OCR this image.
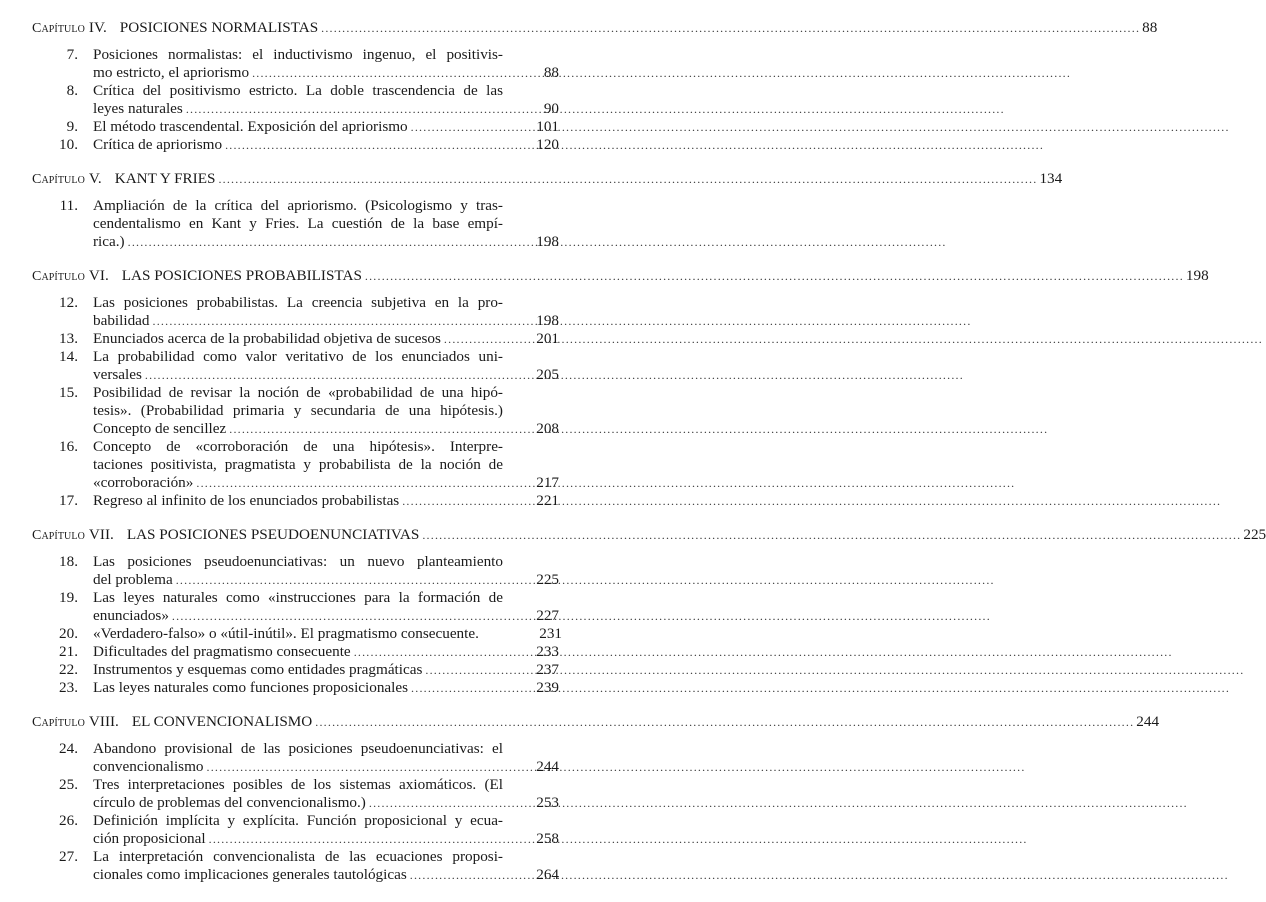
Capítulo IV. POSICIONES NORMALISTAS .....	88
7. Posiciones normalistas: el inductivismo ingenuo, el positivis-
mo estricto, el apriorismo .....	88
8. Crítica del positivismo estricto. La doble trascendencia de las
leyes naturales .....	90
9. El método trascendental. Exposición del apriorismo .....	101
10. Crítica de apriorismo .....	120
Capítulo V. KANT Y FRIES .....	134
11. Ampliación de la crítica del apriorismo. (Psicologismo y tras-
cendentalismo en Kant y Fries. La cuestión de la base empí-
rica.) .....	198
Capítulo VI. LAS POSICIONES PROBABILISTAS .....	198
12. Las posiciones probabilistas. La creencia subjetiva en la pro-
babilidad .....	198
13. Enunciados acerca de la probabilidad objetiva de sucesos .....	201
14. La probabilidad como valor veritativo de los enunciados uni-
versales .....	205
15. Posibilidad de revisar la noción de «probabilidad de una hipó-
tesis». (Probabilidad primaria y secundaria de una hipótesis.)
Concepto de sencillez .....	208
16. Concepto de «corroboración de una hipótesis». Interpre-
taciones positivista, pragmatista y probabilista de la noción de
«corroboración» .....	217
17. Regreso al infinito de los enunciados probabilistas .....	221
Capítulo VII. LAS POSICIONES PSEUDOENUNCIATIVAS .....	225
18. Las posiciones pseudoenunciativas: un nuevo planteamiento
del problema .....	225
19. Las leyes naturales como «instrucciones para la formación de
enunciados» .....	227
20. «Verdadero-falso» o «útil-inútil». El pragmatismo consecuente.	231
21. Dificultades del pragmatismo consecuente .....	233
22. Instrumentos y esquemas como entidades pragmáticas .....	237
23. Las leyes naturales como funciones proposicionales .....	239
Capítulo VIII. EL CONVENCIONALISMO .....	244
24. Abandono provisional de las posiciones pseudoenunciativas: el
convencionalismo .....	244
25. Tres interpretaciones posibles de los sistemas axiomáticos. (El
círculo de problemas del convencionalismo.) .....	253
26. Definición implícita y explícita. Función proposicional y ecua-
ción proposicional .....	258
27. La interpretación convencionalista de las ecuaciones proposi-
cionales como implicaciones generales tautológicas .....	264
